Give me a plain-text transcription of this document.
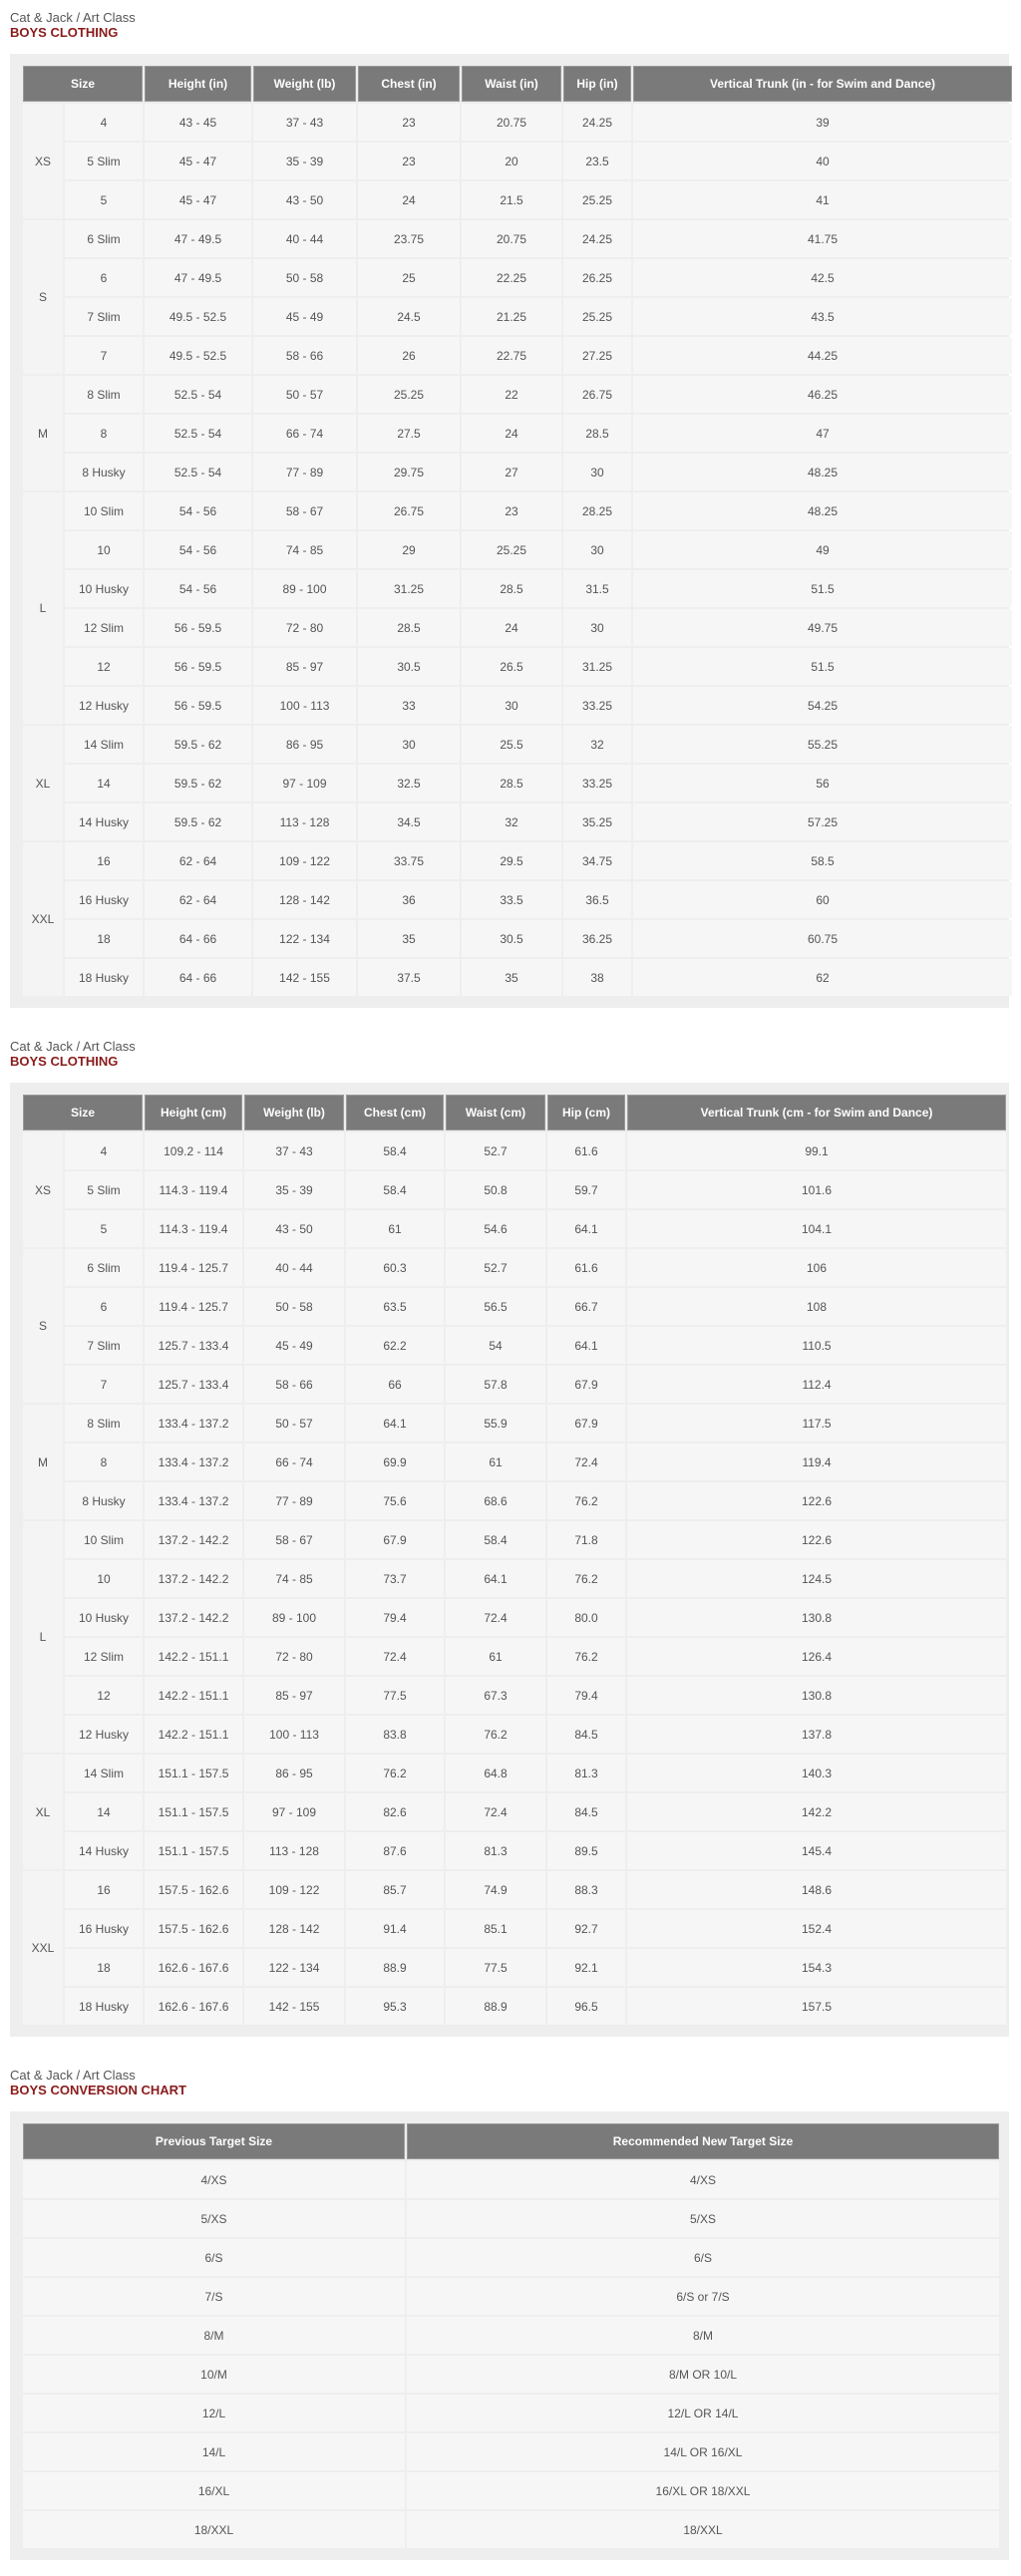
Cat & Jack / Art Class
BOYS CLOTHING
Size		Height (in)	Weight (lb)	Chest (in)	Waist (in)	Hip (in)	Vertical Trunk (in - for Swim and Dance)
XS	4	43 - 45	37 - 43	23	20.75	24.25	39
	5 Slim	45 - 47	35 - 39	23	20	23.5	40
	5	45 - 47	43 - 50	24	21.5	25.25	41
S	6 Slim	47 - 49.5	40 - 44	23.75	20.75	24.25	41.75
	6	47 - 49.5	50 - 58	25	22.25	26.25	42.5
	7 Slim	49.5 - 52.5	45 - 49	24.5	21.25	25.25	43.5
	7	49.5 - 52.5	58 - 66	26	22.75	27.25	44.25
M	8 Slim	52.5 - 54	50 - 57	25.25	22	26.75	46.25
	8	52.5 - 54	66 - 74	27.5	24	28.5	47
	8 Husky	52.5 - 54	77 - 89	29.75	27	30	48.25
L	10 Slim	54 - 56	58 - 67	26.75	23	28.25	48.25
	10	54 - 56	74 - 85	29	25.25	30	49
	10 Husky	54 - 56	89 - 100	31.25	28.5	31.5	51.5
	12 Slim	56 - 59.5	72 - 80	28.5	24	30	49.75
	12	56 - 59.5	85 - 97	30.5	26.5	31.25	51.5
	12 Husky	56 - 59.5	100 - 113	33	30	33.25	54.25
XL	14 Slim	59.5 - 62	86 - 95	30	25.5	32	55.25
	14	59.5 - 62	97 - 109	32.5	28.5	33.25	56
	14 Husky	59.5 - 62	113 - 128	34.5	32	35.25	57.25
XXL	16	62 - 64	109 - 122	33.75	29.5	34.75	58.5
	16 Husky	62 - 64	128 - 142	36	33.5	36.5	60
	18	64 - 66	122 - 134	35	30.5	36.25	60.75
	18 Husky	64 - 66	142 - 155	37.5	35	38	62
Cat & Jack / Art Class
BOYS CLOTHING
Size		Height (cm)	Weight (lb)	Chest (cm)	Waist (cm)	Hip (cm)	Vertical Trunk (cm - for Swim and Dance)
XS	4	109.2 - 114	37 - 43	58.4	52.7	61.6	99.1
	5 Slim	114.3 - 119.4	35 - 39	58.4	50.8	59.7	101.6
	5	114.3 - 119.4	43 - 50	61	54.6	64.1	104.1
S	6 Slim	119.4 - 125.7	40 - 44	60.3	52.7	61.6	106
	6	119.4 - 125.7	50 - 58	63.5	56.5	66.7	108
	7 Slim	125.7 - 133.4	45 - 49	62.2	54	64.1	110.5
	7	125.7 - 133.4	58 - 66	66	57.8	67.9	112.4
M	8 Slim	133.4 - 137.2	50 - 57	64.1	55.9	67.9	117.5
	8	133.4 - 137.2	66 - 74	69.9	61	72.4	119.4
	8 Husky	133.4 - 137.2	77 - 89	75.6	68.6	76.2	122.6
L	10 Slim	137.2 - 142.2	58 - 67	67.9	58.4	71.8	122.6
	10	137.2 - 142.2	74 - 85	73.7	64.1	76.2	124.5
	10 Husky	137.2 - 142.2	89 - 100	79.4	72.4	80.0	130.8
	12 Slim	142.2 - 151.1	72 - 80	72.4	61	76.2	126.4
	12	142.2 - 151.1	85 - 97	77.5	67.3	79.4	130.8
	12 Husky	142.2 - 151.1	100 - 113	83.8	76.2	84.5	137.8
XL	14 Slim	151.1 - 157.5	86 - 95	76.2	64.8	81.3	140.3
	14	151.1 - 157.5	97 - 109	82.6	72.4	84.5	142.2
	14 Husky	151.1 - 157.5	113 - 128	87.6	81.3	89.5	145.4
XXL	16	157.5 - 162.6	109 - 122	85.7	74.9	88.3	148.6
	16 Husky	157.5 - 162.6	128 - 142	91.4	85.1	92.7	152.4
	18	162.6 - 167.6	122 - 134	88.9	77.5	92.1	154.3
	18 Husky	162.6 - 167.6	142 - 155	95.3	88.9	96.5	157.5
Cat & Jack / Art Class
BOYS CONVERSION CHART
Previous Target Size	Recommended New Target Size
4/XS	4/XS
5/XS	5/XS
6/S	6/S
7/S	6/S or 7/S
8/M	8/M
10/M	8/M OR 10/L
12/L	12/L OR 14/L
14/L	14/L OR 16/XL
16/XL	16/XL OR 18/XXL
18/XXL	18/XXL
